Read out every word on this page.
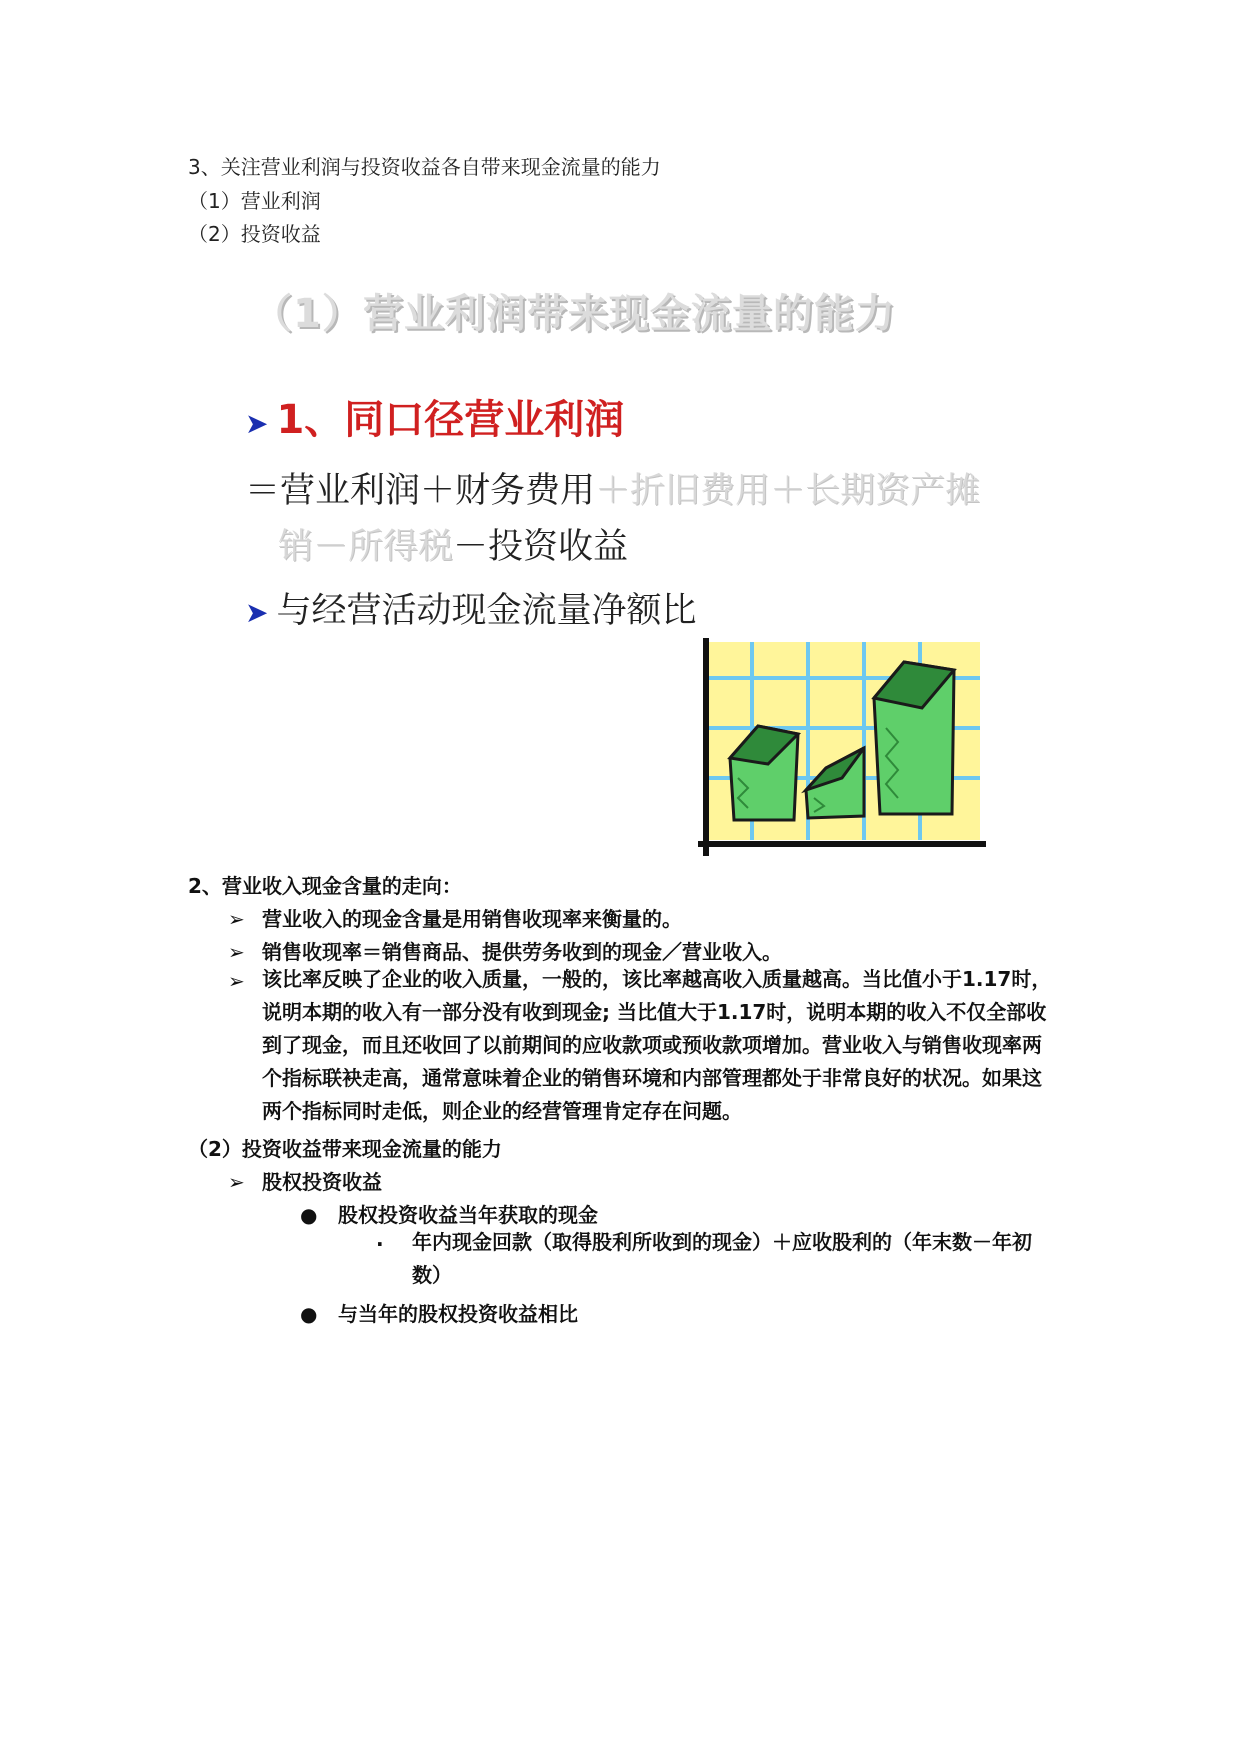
3、关注营业利润与投资收益各自带来现金流量的能力
（1）营业利润
（2）投资收益
（1）营业利润带来现金流量的能力
➤ 1、同口径营业利润
＝营业利润＋财务费用＋折旧费用＋长期资产摊
销－所得税－投资收益
➤ 与经营活动现金流量净额比
2、营业收入现金含量的走向：
➢ 营业收入的现金含量是用销售收现率来衡量的。
➢ 销售收现率＝销售商品、提供劳务收到的现金／营业收入。
➢ 该比率反映了企业的收入质量，一般的，该比率越高收入质量越高。当比值小于1.17时，说明本期的收入有一部分没有收到现金; 当比值大于1.17时，说明本期的收入不仅全部收到了现金，而且还收回了以前期间的应收款项或预收款项增加。营业收入与销售收现率两个指标联袂走高，通常意味着企业的销售环境和内部管理都处于非常良好的状况。如果这两个指标同时走低，则企业的经营管理肯定存在问题。
（2）投资收益带来现金流量的能力
➢ 股权投资收益
● 股权投资收益当年获取的现金
· 年内现金回款（取得股利所收到的现金）＋应收股利的（年末数－年初数）
● 与当年的股权投资收益相比
